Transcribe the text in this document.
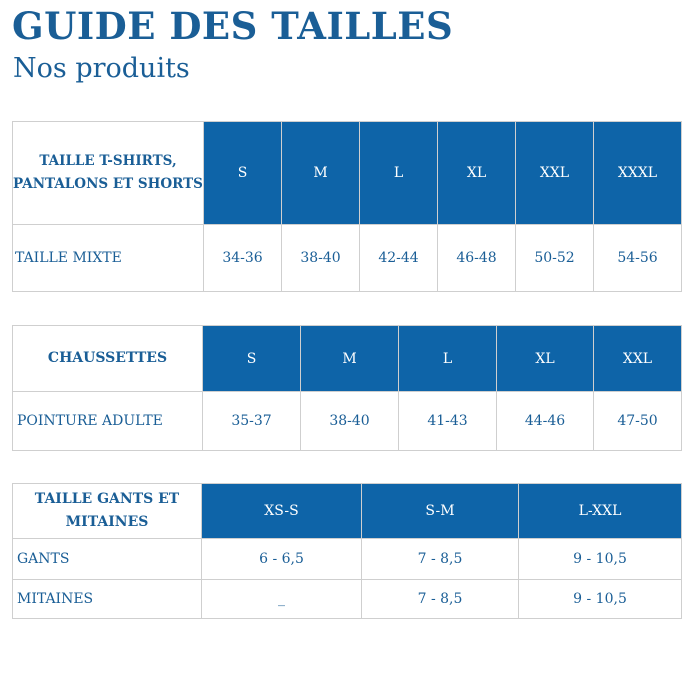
GUIDE DES TAILLES
Nos produits
TAILLE T-SHIRTS,
PANTALONS ET SHORTS	S	M	L	XL	XXL	XXXL
TAILLE MIXTE	34-36	38-40	42-44	46-48	50-52	54-56
CHAUSSETTES	S	M	L	XL	XXL
POINTURE ADULTE	35-37	38-40	41-43	44-46	47-50
TAILLE GANTS ET
MITAINES	XS-S	S-M	L-XXL
GANTS	6 - 6,5	7 - 8,5	9 - 10,5
MITAINES	_	7 - 8,5	9 - 10,5
